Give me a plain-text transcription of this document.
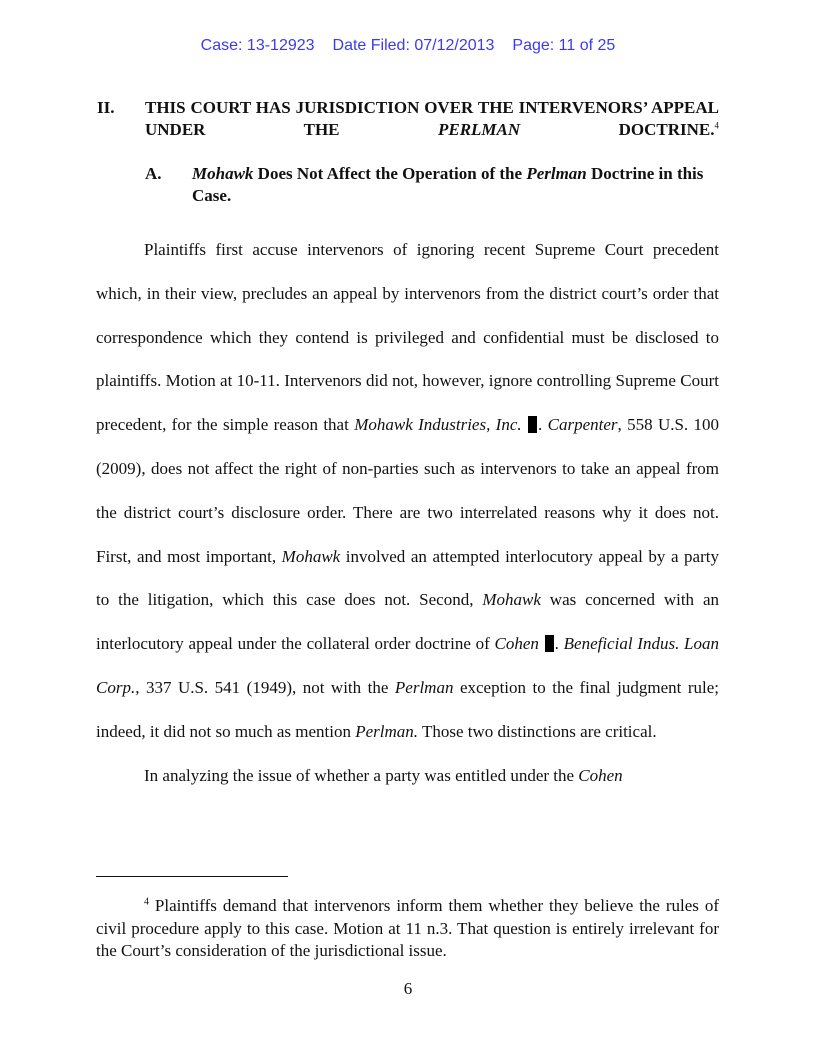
Case: 13-12923 Date Filed: 07/12/2013 Page: 11 of 25
II. THIS COURT HAS JURISDICTION OVER THE INTERVENORS’ APPEAL UNDER THE PERLMAN DOCTRINE.$^4$
A. Mohawk Does Not Affect the Operation of the Perlman Doctrine in this Case.

Plaintiffs first accuse intervenors of ignoring recent Supreme Court precedent which, in their view, precludes an appeal by intervenors from the district court’s order that correspondence which they contend is privileged and confidential must be disclosed to plaintiffs. Motion at 10-11. Intervenors did not, however, ignore controlling Supreme Court precedent, for the simple reason that Mohawk Industries, Inc. . Carpenter, 558 U.S. 100 (2009), does not affect the right of non-parties such as intervenors to take an appeal from the district court’s disclosure order. There are two interrelated reasons why it does not. First, and most important, Mohawk involved an attempted interlocutory appeal by a party to the litigation, which this case does not. Second, Mohawk was concerned with an interlocutory appeal under the collateral order doctrine of Cohen . Beneficial Indus. Loan Corp., 337 U.S. 541 (1949), not with the Perlman exception to the final judgment rule; indeed, it did not so much as mention Perlman. Those two distinctions are critical.

In analyzing the issue of whether a party was entitled under the Cohen

$^4$ Plaintiffs demand that intervenors inform them whether they believe the rules of civil procedure apply to this case. Motion at 11 n.3. That question is entirely irrelevant for the Court’s consideration of the jurisdictional issue.
6
